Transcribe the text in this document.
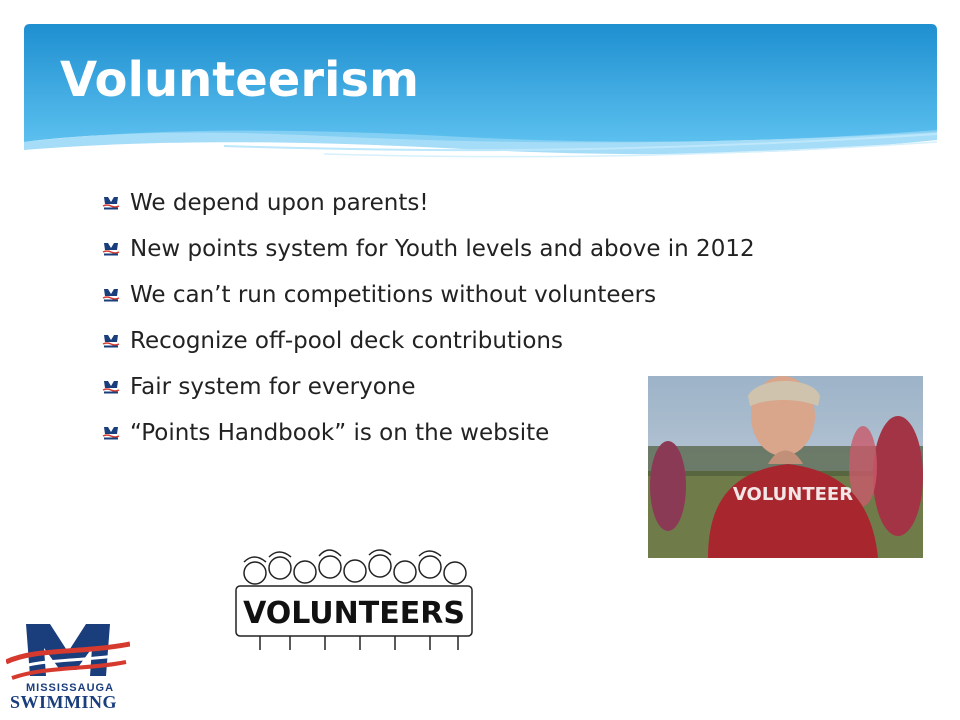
Volunteerism
We depend upon parents!
New points system for Youth levels and above in 2012
We can’t run competitions without volunteers
Recognize off-pool deck contributions
Fair system for everyone
“Points Handbook” is on the website
VOLUNTEER
VOLUNTEERS
MISSISSAUGA
SWIMMING
